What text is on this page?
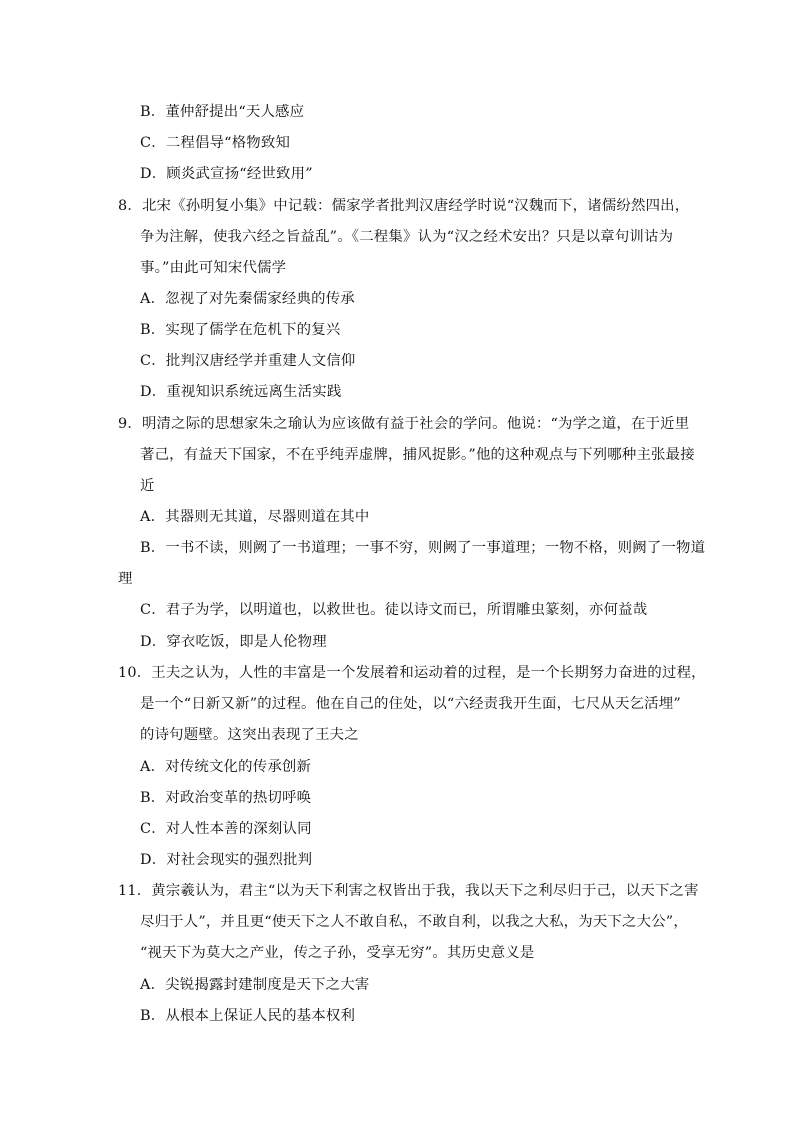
B．董仲舒提出“天人感应
C．二程倡导“格物致知
D．顾炎武宣扬“经世致用”
8．北宋《孙明复小集》中记载：儒家学者批判汉唐经学时说“汉魏而下，诸儒纷然四出，
争为注解，使我六经之旨益乱”。《二程集》认为“汉之经术安出？只是以章句训诂为
事。”由此可知宋代儒学
A．忽视了对先秦儒家经典的传承
B．实现了儒学在危机下的复兴
C．批判汉唐经学并重建人文信仰
D．重视知识系统远离生活实践
9．明清之际的思想家朱之瑜认为应该做有益于社会的学问。他说：“为学之道，在于近里
著己，有益天下国家，不在乎纯弄虚牌，捕风捉影。”他的这种观点与下列哪种主张最接
近
A．其器则无其道，尽器则道在其中
B．一书不读，则阙了一书道理；一事不穷，则阙了一事道理；一物不格，则阙了一物道
理
C．君子为学，以明道也，以救世也。徒以诗文而已，所谓雕虫篆刻，亦何益哉
D．穿衣吃饭，即是人伦物理
10．王夫之认为，人性的丰富是一个发展着和运动着的过程，是一个长期努力奋进的过程，
是一个“日新又新”的过程。他在自己的住处，以“六经责我开生面，七尺从天乞活埋”
的诗句题壁。这突出表现了王夫之
A．对传统文化的传承创新
B．对政治变革的热切呼唤
C．对人性本善的深刻认同
D．对社会现实的强烈批判
11．黄宗羲认为，君主“以为天下利害之权皆出于我，我以天下之利尽归于己，以天下之害
尽归于人”，并且更“使天下之人不敢自私，不敢自利，以我之大私，为天下之大公”，
“视天下为莫大之产业，传之子孙，受享无穷”。其历史意义是
A．尖锐揭露封建制度是天下之大害
B．从根本上保证人民的基本权利
